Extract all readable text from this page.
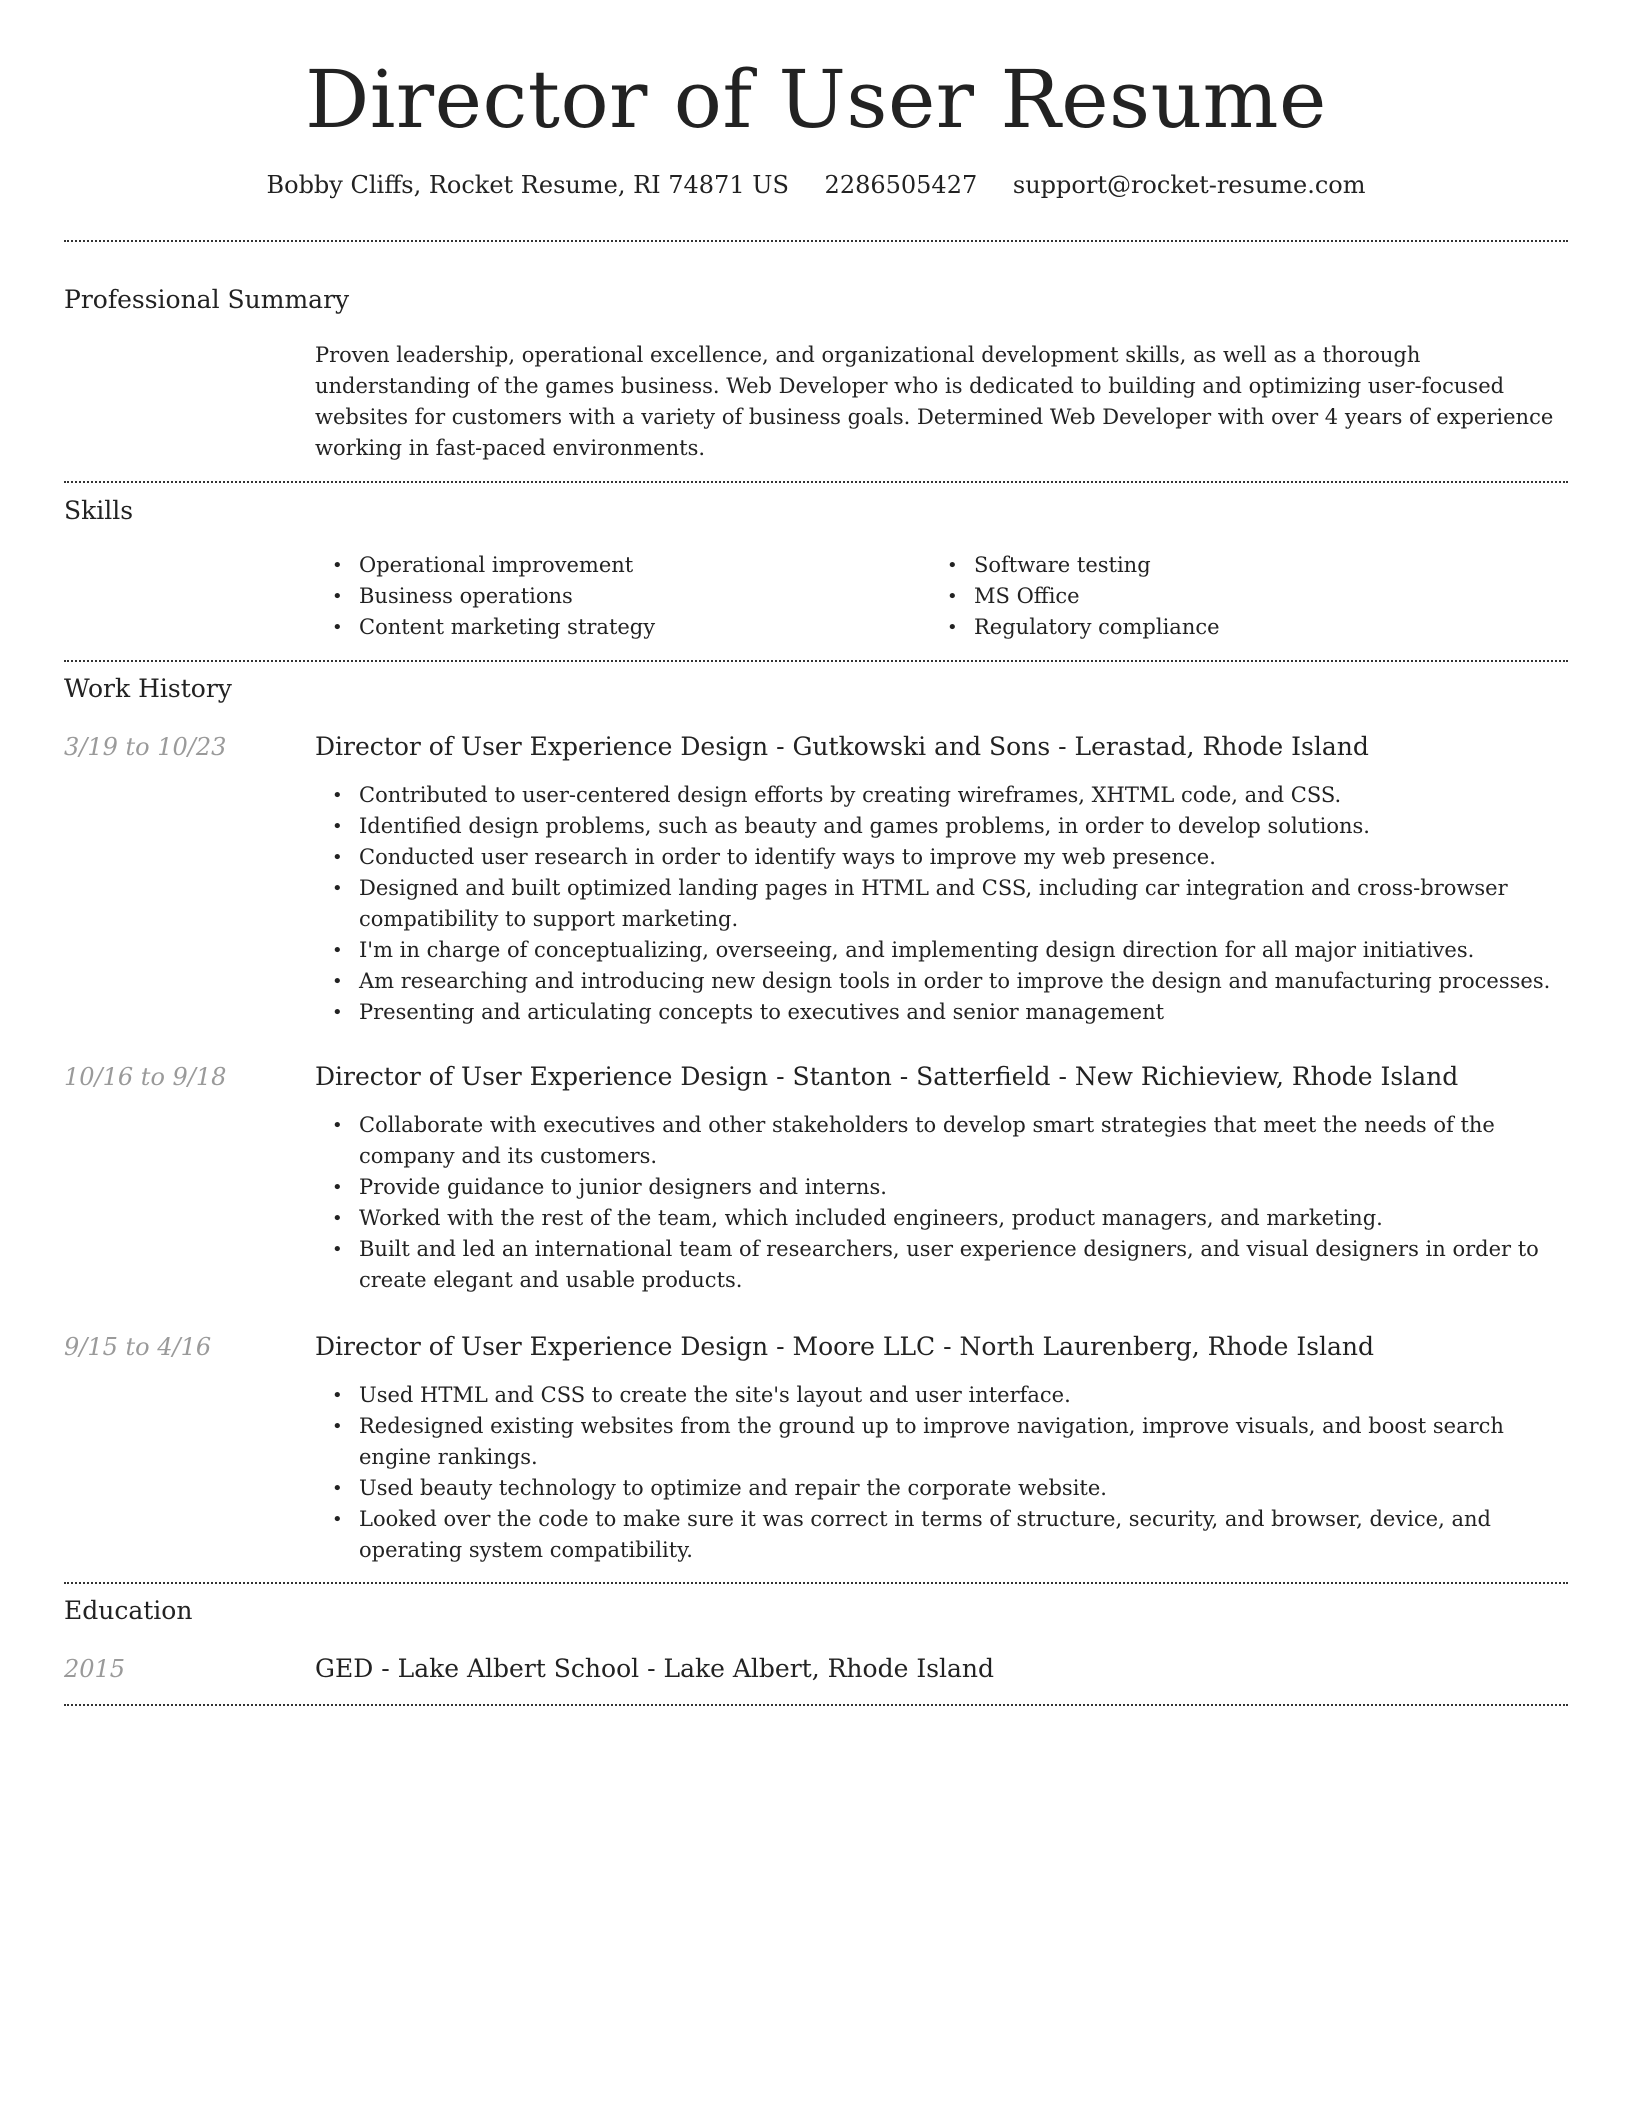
Director of User Resume
Bobby Cliffs, Rocket Resume, RI 74871 US 2286505427 support@rocket-resume.com
Professional Summary

Proven leadership, operational excellence, and organizational development skills, as well as a thorough understanding of the games business. Web Developer who is dedicated to building and optimizing user-focused websites for customers with a variety of business goals. Determined Web Developer with over 4 years of experience working in fast-paced environments.

Skills
• Operational improvement
• Business operations
• Content marketing strategy
• Software testing
• MS Office
• Regulatory compliance
Work History
3/19 to 10/23	Director of User Experience Design - Gutkowski and Sons - Lerastad, Rhode Island
• Contributed to user-centered design efforts by creating wireframes, XHTML code, and CSS.
• Identified design problems, such as beauty and games problems, in order to develop solutions.
• Conducted user research in order to identify ways to improve my web presence.
• Designed and built optimized landing pages in HTML and CSS, including car integration and cross-browser compatibility to support marketing.
• I'm in charge of conceptualizing, overseeing, and implementing design direction for all major initiatives.
• Am researching and introducing new design tools in order to improve the design and manufacturing processes.
• Presenting and articulating concepts to executives and senior management
10/16 to 9/18	Director of User Experience Design - Stanton - Satterfield - New Richieview, Rhode Island
• Collaborate with executives and other stakeholders to develop smart strategies that meet the needs of the company and its customers.
• Provide guidance to junior designers and interns.
• Worked with the rest of the team, which included engineers, product managers, and marketing.
• Built and led an international team of researchers, user experience designers, and visual designers in order to create elegant and usable products.
9/15 to 4/16	Director of User Experience Design - Moore LLC - North Laurenberg, Rhode Island
• Used HTML and CSS to create the site's layout and user interface.
• Redesigned existing websites from the ground up to improve navigation, improve visuals, and boost search engine rankings.
• Used beauty technology to optimize and repair the corporate website.
• Looked over the code to make sure it was correct in terms of structure, security, and browser, device, and operating system compatibility.
Education
2015	GED - Lake Albert School - Lake Albert, Rhode Island
